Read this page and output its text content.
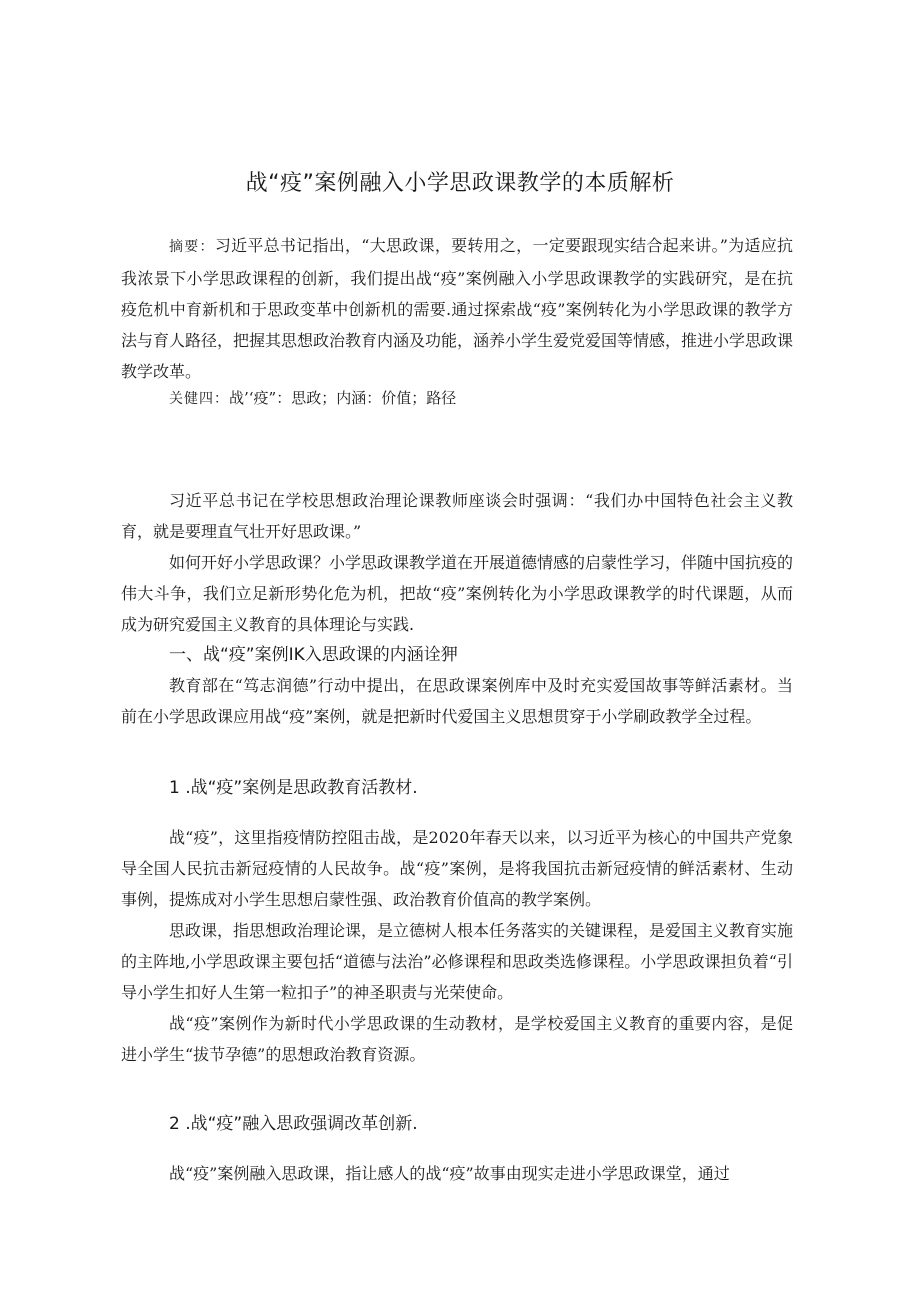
战“疫”案例融入小学思政课教学的本质解析

摘要：习近平总书记指出，“大思政课，要转用之，一定要跟现实结合起来讲。”为适应抗我浓景下小学思政课程的创新，我们提出战“疫”案例融入小学思政课教学的实践研究，是在抗疫危机中育新机和于思政变革中创新机的需要.通过探索战“疫”案例转化为小学思政课的教学方法与育人路径，把握其思想政治教育内涵及功能，涵养小学生爱党爱国等情感，推进小学思政课教学改革。

关健四：战’‘疫”：思政；内涵：价值；路径

习近平总书记在学校思想政治理论课教师座谈会时强调：“我们办中国特色社会主义教育，就是要理直气壮开好思政课。”

如何开好小学思政课？小学思政课教学道在开展道德情感的启蒙性学习，伴随中国抗疫的伟大斗争，我们立足新形势化危为机，把故“疫”案例转化为小学思政课教学的时代课题，从而成为研究爱国主义教育的具体理论与实践.

一、战“疫”案例IK入思政课的内涵诠狎

教育部在“笃志润德”行动中提出，在思政课案例库中及时充实爱国故事等鲜活素材。当前在小学思政课应用战“疫”案例，就是把新时代爱国主义思想贯穿于小学刷政教学全过程。

1 .战“疫”案例是思政教育活教材.

战“疫”，这里指疫情防控阻击战，是2020年春天以来，以习近平为核心的中国共产党象导全国人民抗击新冠疫情的人民故争。战“疫”案例，是将我国抗击新冠疫情的鲜活素材、生动事例，提炼成对小学生思想启蒙性强、政治教育价值高的教学案例。

思政课，指思想政治理论课，是立德树人根本任务落实的关键课程，是爱国主义教育实施的主阵地,小学思政课主要包括“道德与法治”必修课程和思政类选修课程。小学思政课担负着“引导小学生扣好人生第一粒扣子”的神圣职责与光荣使命。

战“疫”案例作为新时代小学思政课的生动教材，是学校爱国主义教育的重要内容，是促进小学生“拔节孕德”的思想政治教育资源。

2 .战“疫”融入思政强调改革创新.

战“疫”案例融入思政课，指让感人的战“疫”故事由现实走进小学思政课堂，通过
